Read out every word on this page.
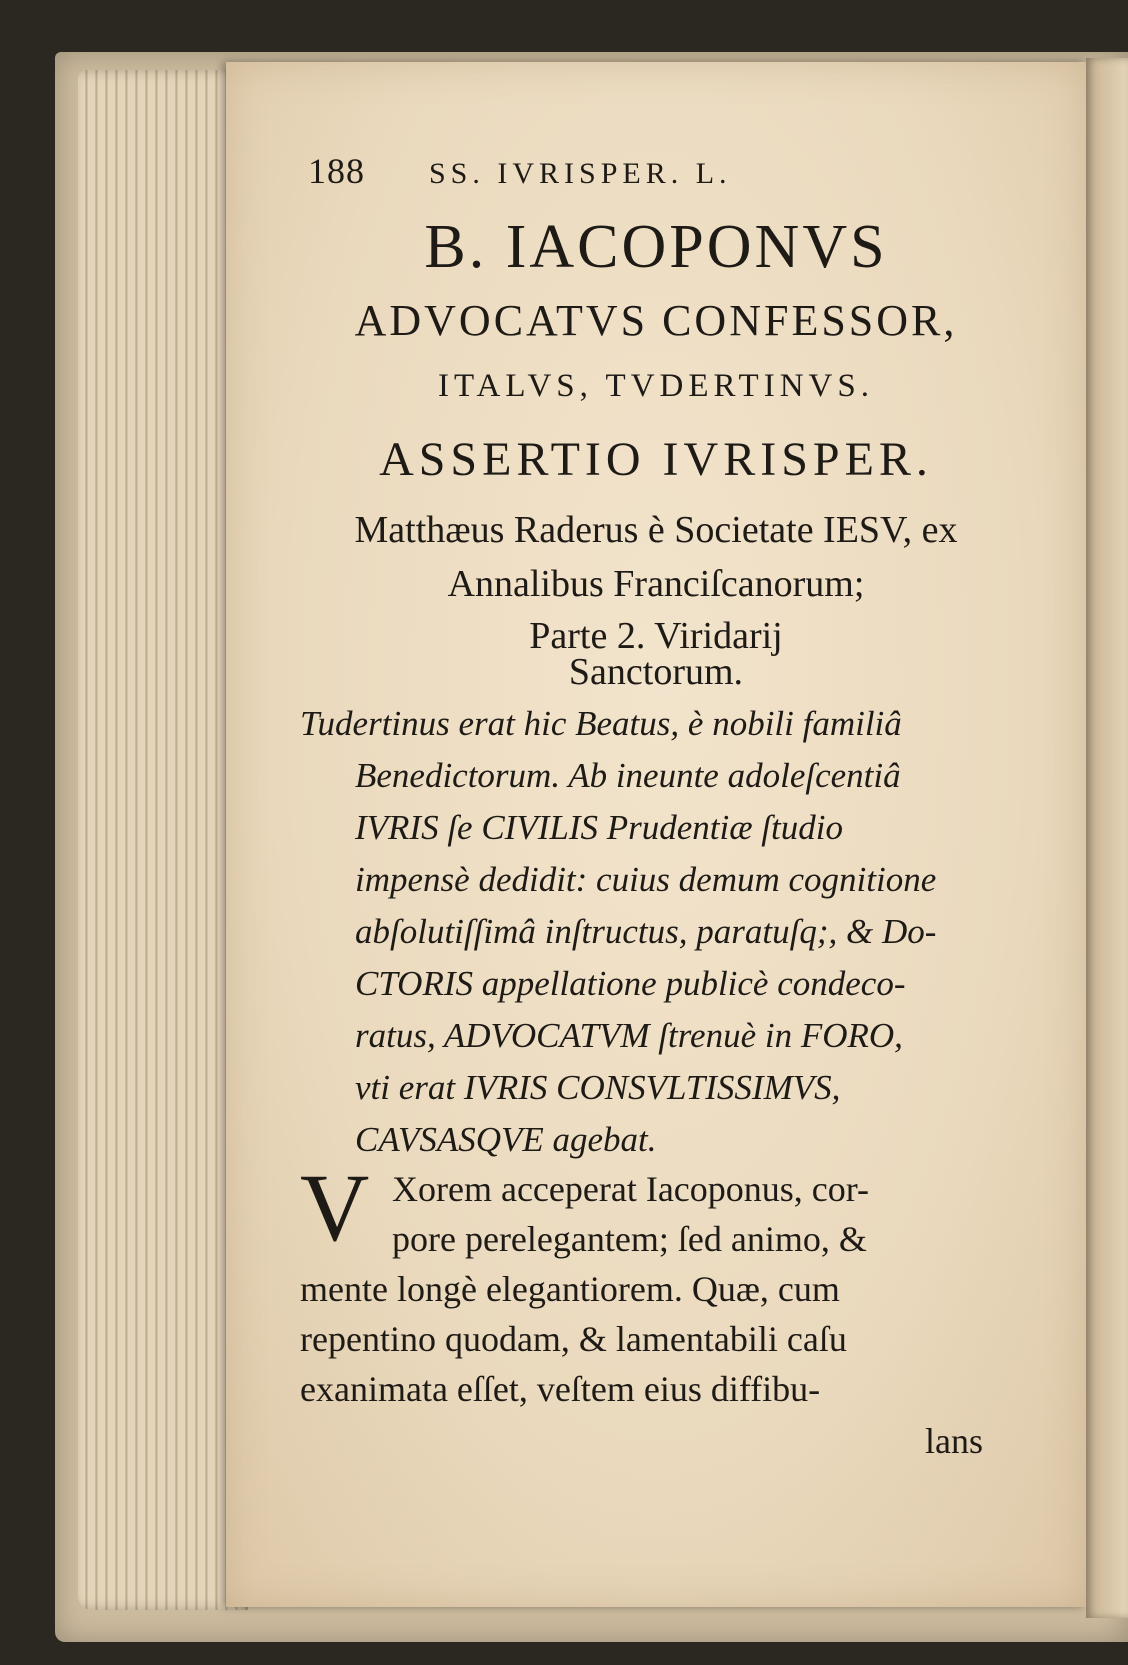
188 SS. IVRISPER. L.
B. IACOPONVS
ADVOCATVS CONFESSOR,
ITALVS, TVDERTINVS.
ASSERTIO IVRISPER.
Matthæus Raderus è Societate IESV, ex
Annalibus Franciſcanorum;
Parte 2. Viridarij
Sanctorum.
Tudertinus erat hic Beatus, è nobili familiâ
Benedictorum. Ab ineunte adoleſcentiâ
IVRIS ſe CIVILIS Prudentiæ ſtudio
impensè dedidit: cuius demum cognitione
abſolutiſſimâ inſtructus, paratuſq;, & Do-
CTORIS appellatione publicè condeco-
ratus, ADVOCATVM ſtrenuè in FORO,
vti erat IVRIS CONSVLTISSIMVS,
CAVSASQVE agebat.
V Xorem acceperat Iacoponus, cor-
pore perelegantem; ſed animo, &
mente longè elegantiorem. Quæ, cum
repentino quodam, & lamentabili caſu
exanimata eſſet, veſtem eius diffibu-
lans
